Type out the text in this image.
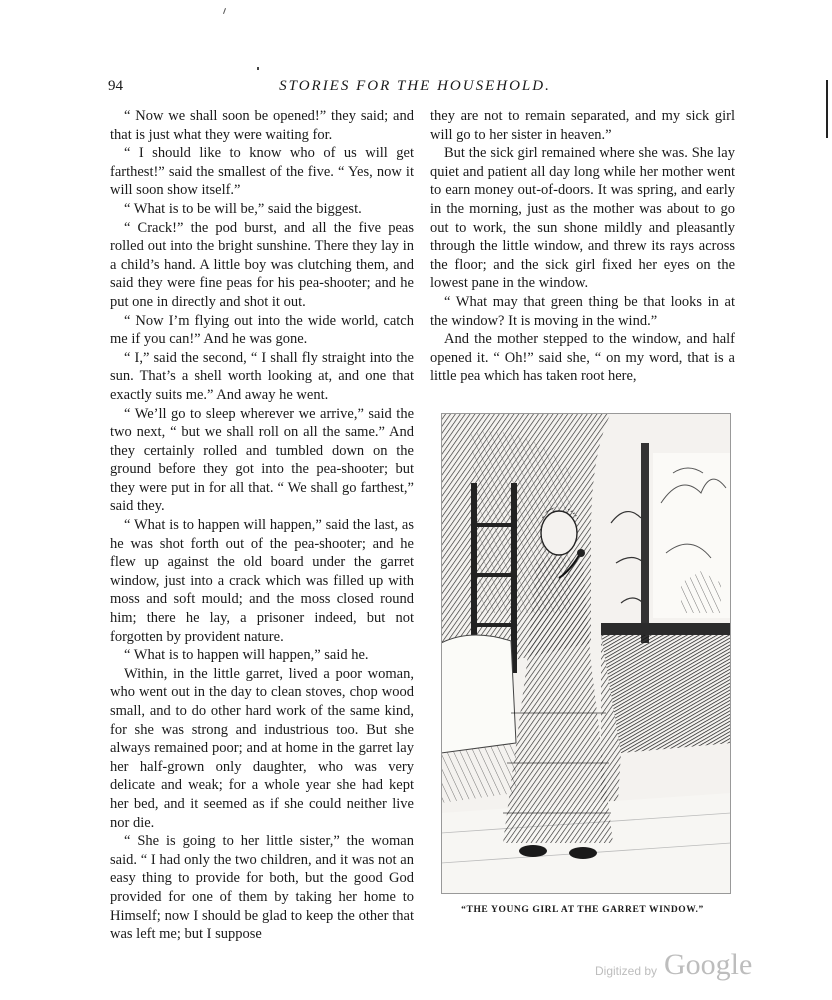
94	STORIES FOR THE HOUSEHOLD.

“ Now we shall soon be opened!” they said; and that is just what they were waiting for.

“ I should like to know who of us will get farthest!” said the smallest of the five. “ Yes, now it will soon show itself.”

“ What is to be will be,” said the biggest.

“ Crack!” the pod burst, and all the five peas rolled out into the bright sunshine. There they lay in a child’s hand. A little boy was clutching them, and said they were fine peas for his pea-shooter; and he put one in directly and shot it out.

“ Now I’m flying out into the wide world, catch me if you can!” And he was gone.

“ I,” said the second, “ I shall fly straight into the sun. That’s a shell worth looking at, and one that exactly suits me.” And away he went.

“ We’ll go to sleep wherever we arrive,” said the two next, “ but we shall roll on all the same.” And they certainly rolled and tumbled down on the ground before they got into the pea-shooter; but they were put in for all that. “ We shall go farthest,” said they.

“ What is to happen will happen,” said the last, as he was shot forth out of the pea-shooter; and he flew up against the old board under the garret window, just into a crack which was filled up with moss and soft mould; and the moss closed round him; there he lay, a prisoner indeed, but not forgotten by provident nature.

“ What is to happen will happen,” said he.

Within, in the little garret, lived a poor woman, who went out in the day to clean stoves, chop wood small, and to do other hard work of the same kind, for she was strong and industrious too. But she always remained poor; and at home in the garret lay her half-grown only daughter, who was very delicate and weak; for a whole year she had kept her bed, and it seemed as if she could neither live nor die.

“ She is going to her little sister,” the woman said. “ I had only the two children, and it was not an easy thing to provide for both, but the good God provided for one of them by taking her home to Himself; now I should be glad to keep the other that was left me; but I suppose

they are not to remain separated, and my sick girl will go to her sister in heaven.”

But the sick girl remained where she was. She lay quiet and patient all day long while her mother went to earn money out-of-doors. It was spring, and early in the morning, just as the mother was about to go out to work, the sun shone mildly and pleasantly through the little window, and threw its rays across the floor; and the sick girl fixed her eyes on the lowest pane in the window.

“ What may that green thing be that looks in at the window? It is moving in the wind.”

And the mother stepped to the window, and half opened it. “ Oh!” said she, “ on my word, that is a little pea which has taken root here,

“THE YOUNG GIRL AT THE GARRET WINDOW.”
Digitized by Google
